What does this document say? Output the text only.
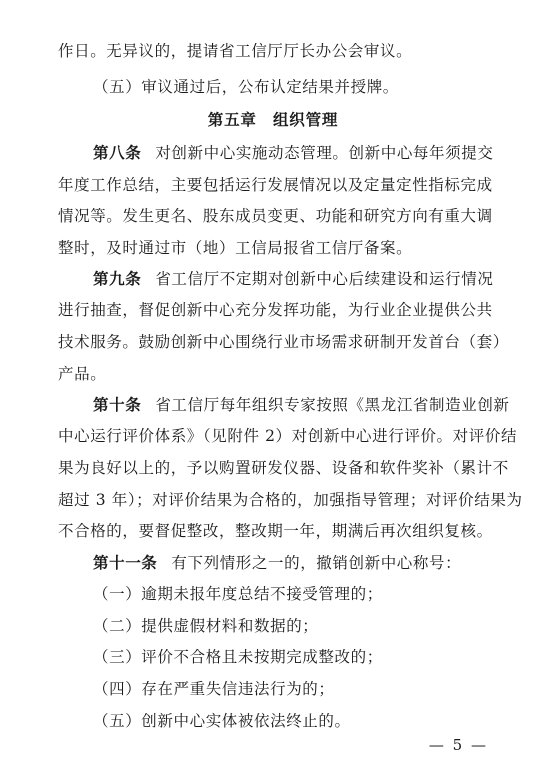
作日。无异议的，提请省工信厅厅长办公会审议。

（五）审议通过后，公布认定结果并授牌。

第五章　组织管理

第八条 对创新中心实施动态管理。创新中心每年须提交

年度工作总结，主要包括运行发展情况以及定量定性指标完成

情况等。发生更名、股东成员变更、功能和研究方向有重大调

整时，及时通过市（地）工信局报省工信厅备案。

第九条 省工信厅不定期对创新中心后续建设和运行情况

进行抽查，督促创新中心充分发挥功能，为行业企业提供公共

技术服务。鼓励创新中心围绕行业市场需求研制开发首台（套）

产品。

第十条 省工信厅每年组织专家按照《黑龙江省制造业创新

中心运行评价体系》（见附件 2）对创新中心进行评价。对评价结

果为良好以上的，予以购置研发仪器、设备和软件奖补（累计不

超过 3 年）；对评价结果为合格的，加强指导管理；对评价结果为

不合格的，要督促整改，整改期一年，期满后再次组织复核。

第十一条 有下列情形之一的，撤销创新中心称号：

（一）逾期未报年度总结不接受管理的；

（二）提供虚假材料和数据的；

（三）评价不合格且未按期完成整改的；

（四）存在严重失信违法行为的；

（五）创新中心实体被依法终止的。

— 5 —
